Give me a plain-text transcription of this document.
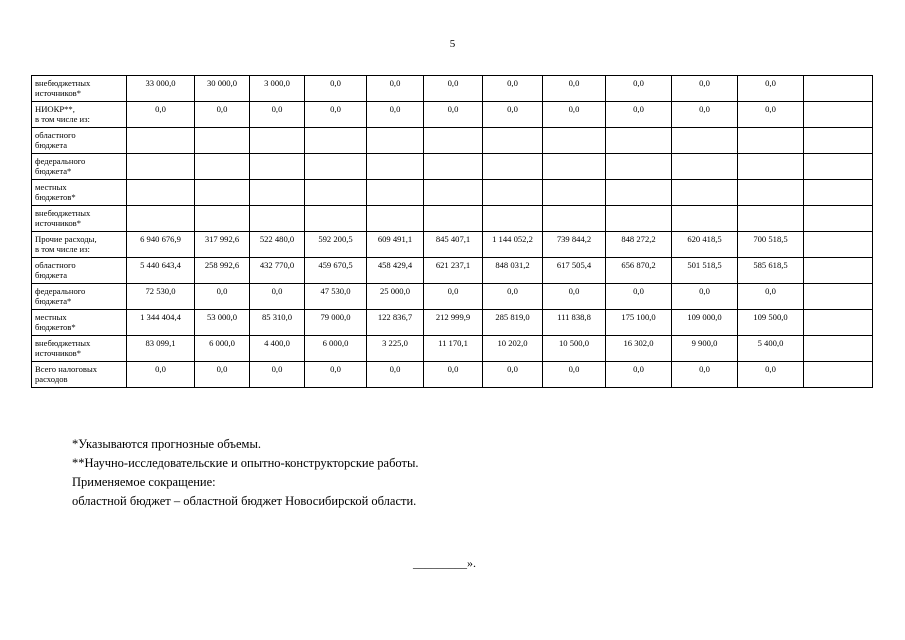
5
внебюджетных
источников*	33 000,0	30 000,0	3 000,0	0,0	0,0	0,0	0,0	0,0	0,0	0,0	0,0	

НИОКР**,
в том числе из:	0,0	0,0	0,0	0,0	0,0	0,0	0,0	0,0	0,0	0,0	0,0	

областного
бюджета												

федерального
бюджета*												

местных
бюджетов*												

внебюджетных
источников*												

Прочие расходы,
в том числе из:	6 940 676,9	317 992,6	522 480,0	592 200,5	609 491,1	845 407,1	1 144 052,2	739 844,2	848 272,2	620 418,5	700 518,5	

областного
бюджета	5 440 643,4	258 992,6	432 770,0	459 670,5	458 429,4	621 237,1	848 031,2	617 505,4	656 870,2	501 518,5	585 618,5	

федерального
бюджета*	72 530,0	0,0	0,0	47 530,0	25 000,0	0,0	0,0	0,0	0,0	0,0	0,0	

местных
бюджетов*	1 344 404,4	53 000,0	85 310,0	79 000,0	122 836,7	212 999,9	285 819,0	111 838,8	175 100,0	109 000,0	109 500,0	

внебюджетных
источников*	83 099,1	6 000,0	4 400,0	6 000,0	3 225,0	11 170,1	10 202,0	10 500,0	16 302,0	9 900,0	5 400,0	

Всего налоговых
расходов	0,0	0,0	0,0	0,0	0,0	0,0	0,0	0,0	0,0	0,0	0,0	
*Указываются прогнозные объемы.
**Научно-исследовательские и опытно-конструкторские работы.
Применяемое сокращение:
областной бюджет – областной бюджет Новосибирской области.
_________».
